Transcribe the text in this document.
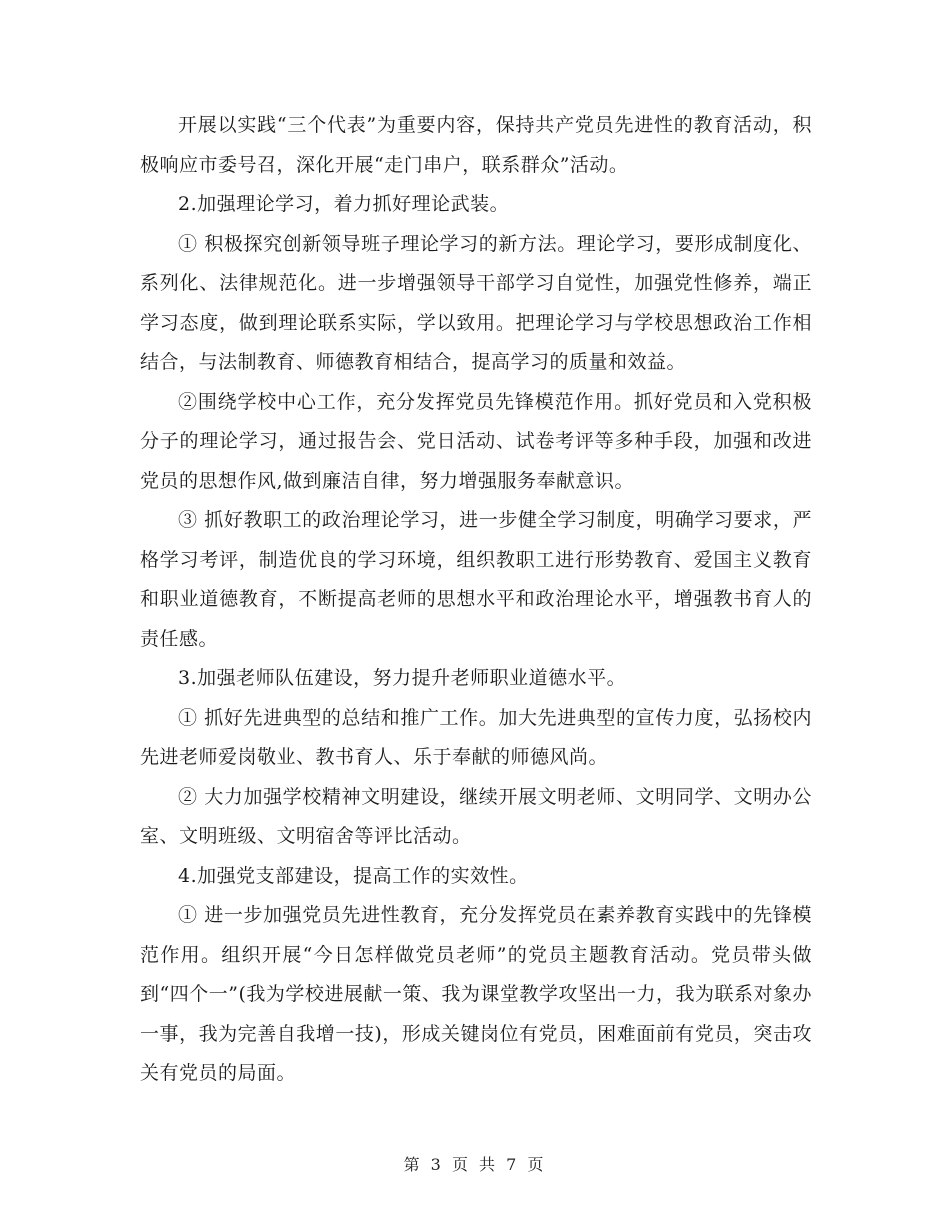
开展以实践“三个代表”为重要内容，保持共产党员先进性的教育活动，积极响应市委号召，深化开展“走门串户，联系群众”活动。

2.加强理论学习，着力抓好理论武装。

① 积极探究创新领导班子理论学习的新方法。理论学习，要形成制度化、系列化、法律规范化。进一步增强领导干部学习自觉性，加强党性修养，端正学习态度，做到理论联系实际，学以致用。把理论学习与学校思想政治工作相结合，与法制教育、师德教育相结合，提高学习的质量和效益。

②围绕学校中心工作，充分发挥党员先锋模范作用。抓好党员和入党积极分子的理论学习，通过报告会、党日活动、试卷考评等多种手段，加强和改进党员的思想作风,做到廉洁自律，努力增强服务奉献意识。

③ 抓好教职工的政治理论学习，进一步健全学习制度，明确学习要求，严格学习考评，制造优良的学习环境，组织教职工进行形势教育、爱国主义教育和职业道德教育，不断提高老师的思想水平和政治理论水平，增强教书育人的责任感。

3.加强老师队伍建设，努力提升老师职业道德水平。

① 抓好先进典型的总结和推广工作。加大先进典型的宣传力度，弘扬校内先进老师爱岗敬业、教书育人、乐于奉献的师德风尚。

② 大力加强学校精神文明建设，继续开展文明老师、文明同学、文明办公室、文明班级、文明宿舍等评比活动。

4.加强党支部建设，提高工作的实效性。

① 进一步加强党员先进性教育，充分发挥党员在素养教育实践中的先锋模范作用。组织开展“今日怎样做党员老师”的党员主题教育活动。党员带头做到“四个一”(我为学校进展献一策、我为课堂教学攻坚出一力，我为联系对象办一事，我为完善自我增一技)，形成关键岗位有党员，困难面前有党员，突击攻关有党员的局面。

第 3 页 共 7 页
